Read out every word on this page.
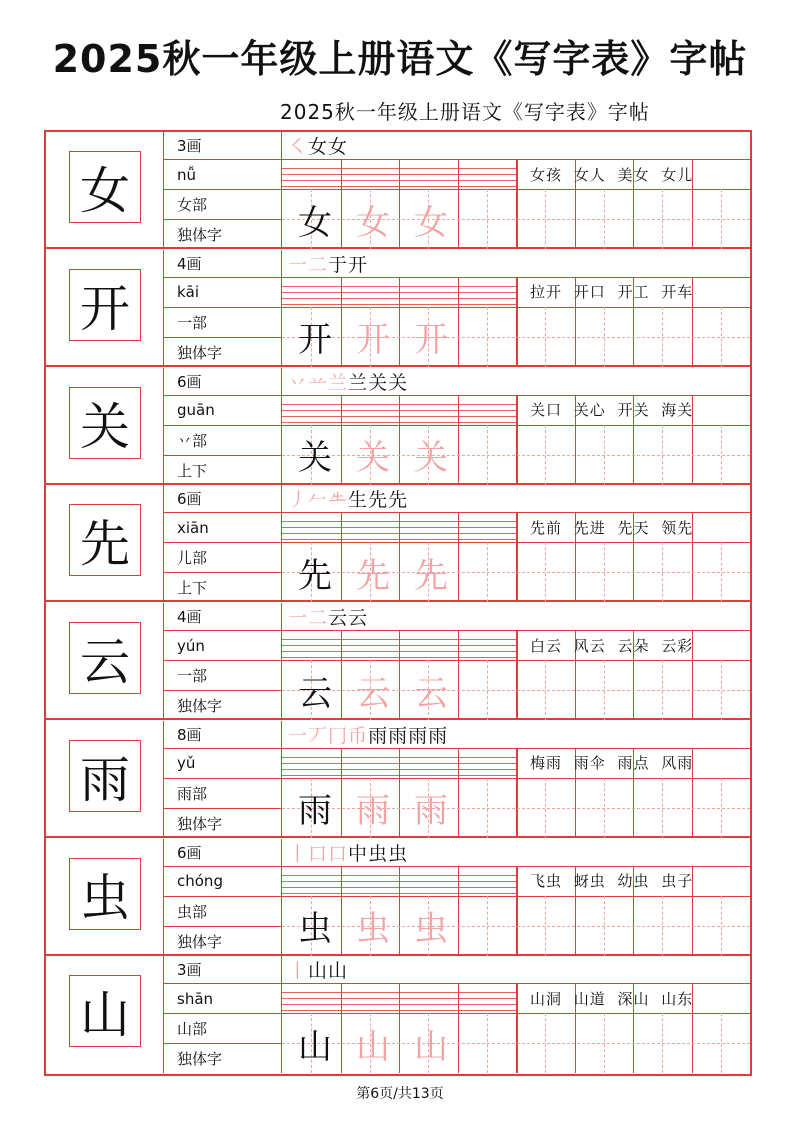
2025秋一年级上册语文《写字表》字帖
2025秋一年级上册语文《写字表》字帖
女
3画
nǚ
女部
独体字
㇛ 女 女
女 女 女
女孩 女人 美女 女儿
开
4画
kāi
一部
独体字
一 二 于 开
开 开 开
拉开 开口 开工 开车
关
6画
guān
丷部
上下
丷 䒑 兰 兰 关 关
关 关 关
关口 关心 开关 海关
先
6画
xiān
儿部
上下
丿 𠂉 𠂒 生 先 先
先 先 先
先前 先进 先天 领先
云
4画
yún
一部
独体字
一 二 云 云
云 云 云
白云 风云 云朵 云彩
雨
8画
yǔ
雨部
独体字
一 丆 冂 币 雨 雨 雨 雨
雨 雨 雨
梅雨 雨伞 雨点 风雨
虫
6画
chóng
虫部
独体字
丨 口 口 中 虫 虫
虫 虫 虫
飞虫 蚜虫 幼虫 虫子
山
3画
shān
山部
独体字
丨 山 山
山 山 山
山洞 山道 深山 山东
第6页/共13页
